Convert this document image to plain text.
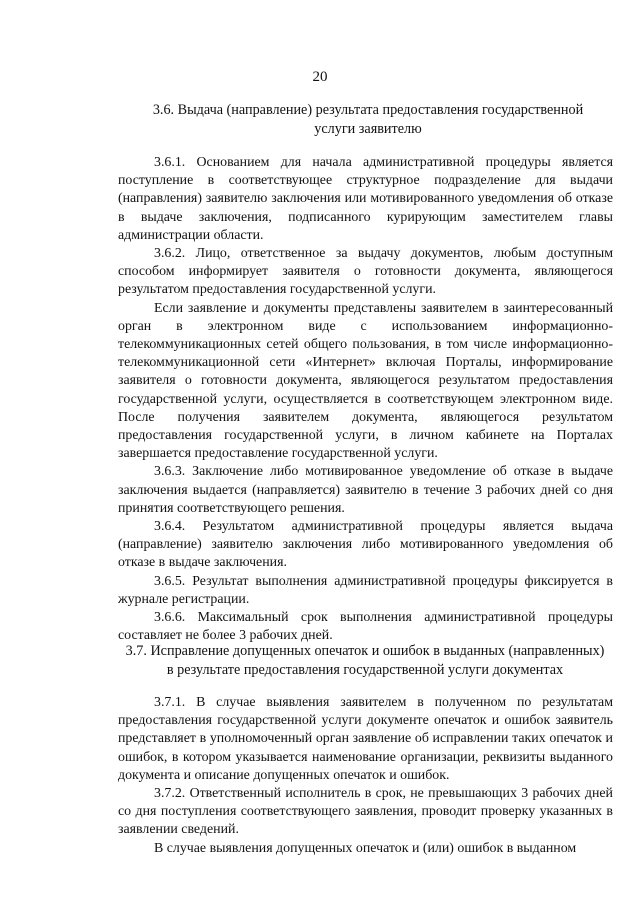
20
3.6. Выдача (направление) результата предоставления государственной
услуги заявителю

3.6.1. Основанием для начала административной процедуры является поступление в соответствующее структурное подразделение для выдачи (направления) заявителю заключения или мотивированного уведомления об отказе в выдаче заключения, подписанного курирующим заместителем главы администрации области.

3.6.2. Лицо, ответственное за выдачу документов, любым доступным способом информирует заявителя о готовности документа, являющегося результатом предоставления государственной услуги.

Если заявление и документы представлены заявителем в заинтересованный орган в электронном виде с использованием информационно-телекоммуникационных сетей общего пользования, в том числе информационно-телекоммуникационной сети «Интернет» включая Порталы, информирование заявителя о готовности документа, являющегося результатом предоставления государственной услуги, осуществляется в соответствующем электронном виде. После получения заявителем документа, являющегося результатом предоставления государственной услуги, в личном кабинете на Порталах завершается предоставление государственной услуги.

3.6.3. Заключение либо мотивированное уведомление об отказе в выдаче заключения выдается (направляется) заявителю в течение 3 рабочих дней со дня принятия соответствующего решения.

3.6.4. Результатом административной процедуры является выдача (направление) заявителю заключения либо мотивированного уведомления об отказе в выдаче заключения.

3.6.5. Результат выполнения административной процедуры фиксируется в журнале регистрации.

3.6.6. Максимальный срок выполнения административной процедуры составляет не более 3 рабочих дней.

3.7. Исправление допущенных опечаток и ошибок в выданных (направленных)
в результате предоставления государственной услуги документах

3.7.1. В случае выявления заявителем в полученном по результатам предоставления государственной услуги документе опечаток и ошибок заявитель представляет в уполномоченный орган заявление об исправлении таких опечаток и ошибок, в котором указывается наименование организации, реквизиты выданного документа и описание допущенных опечаток и ошибок.

3.7.2. Ответственный исполнитель в срок, не превышающих 3 рабочих дней со дня поступления соответствующего заявления, проводит проверку указанных в заявлении сведений.

В случае выявления допущенных опечаток и (или) ошибок в выданном
